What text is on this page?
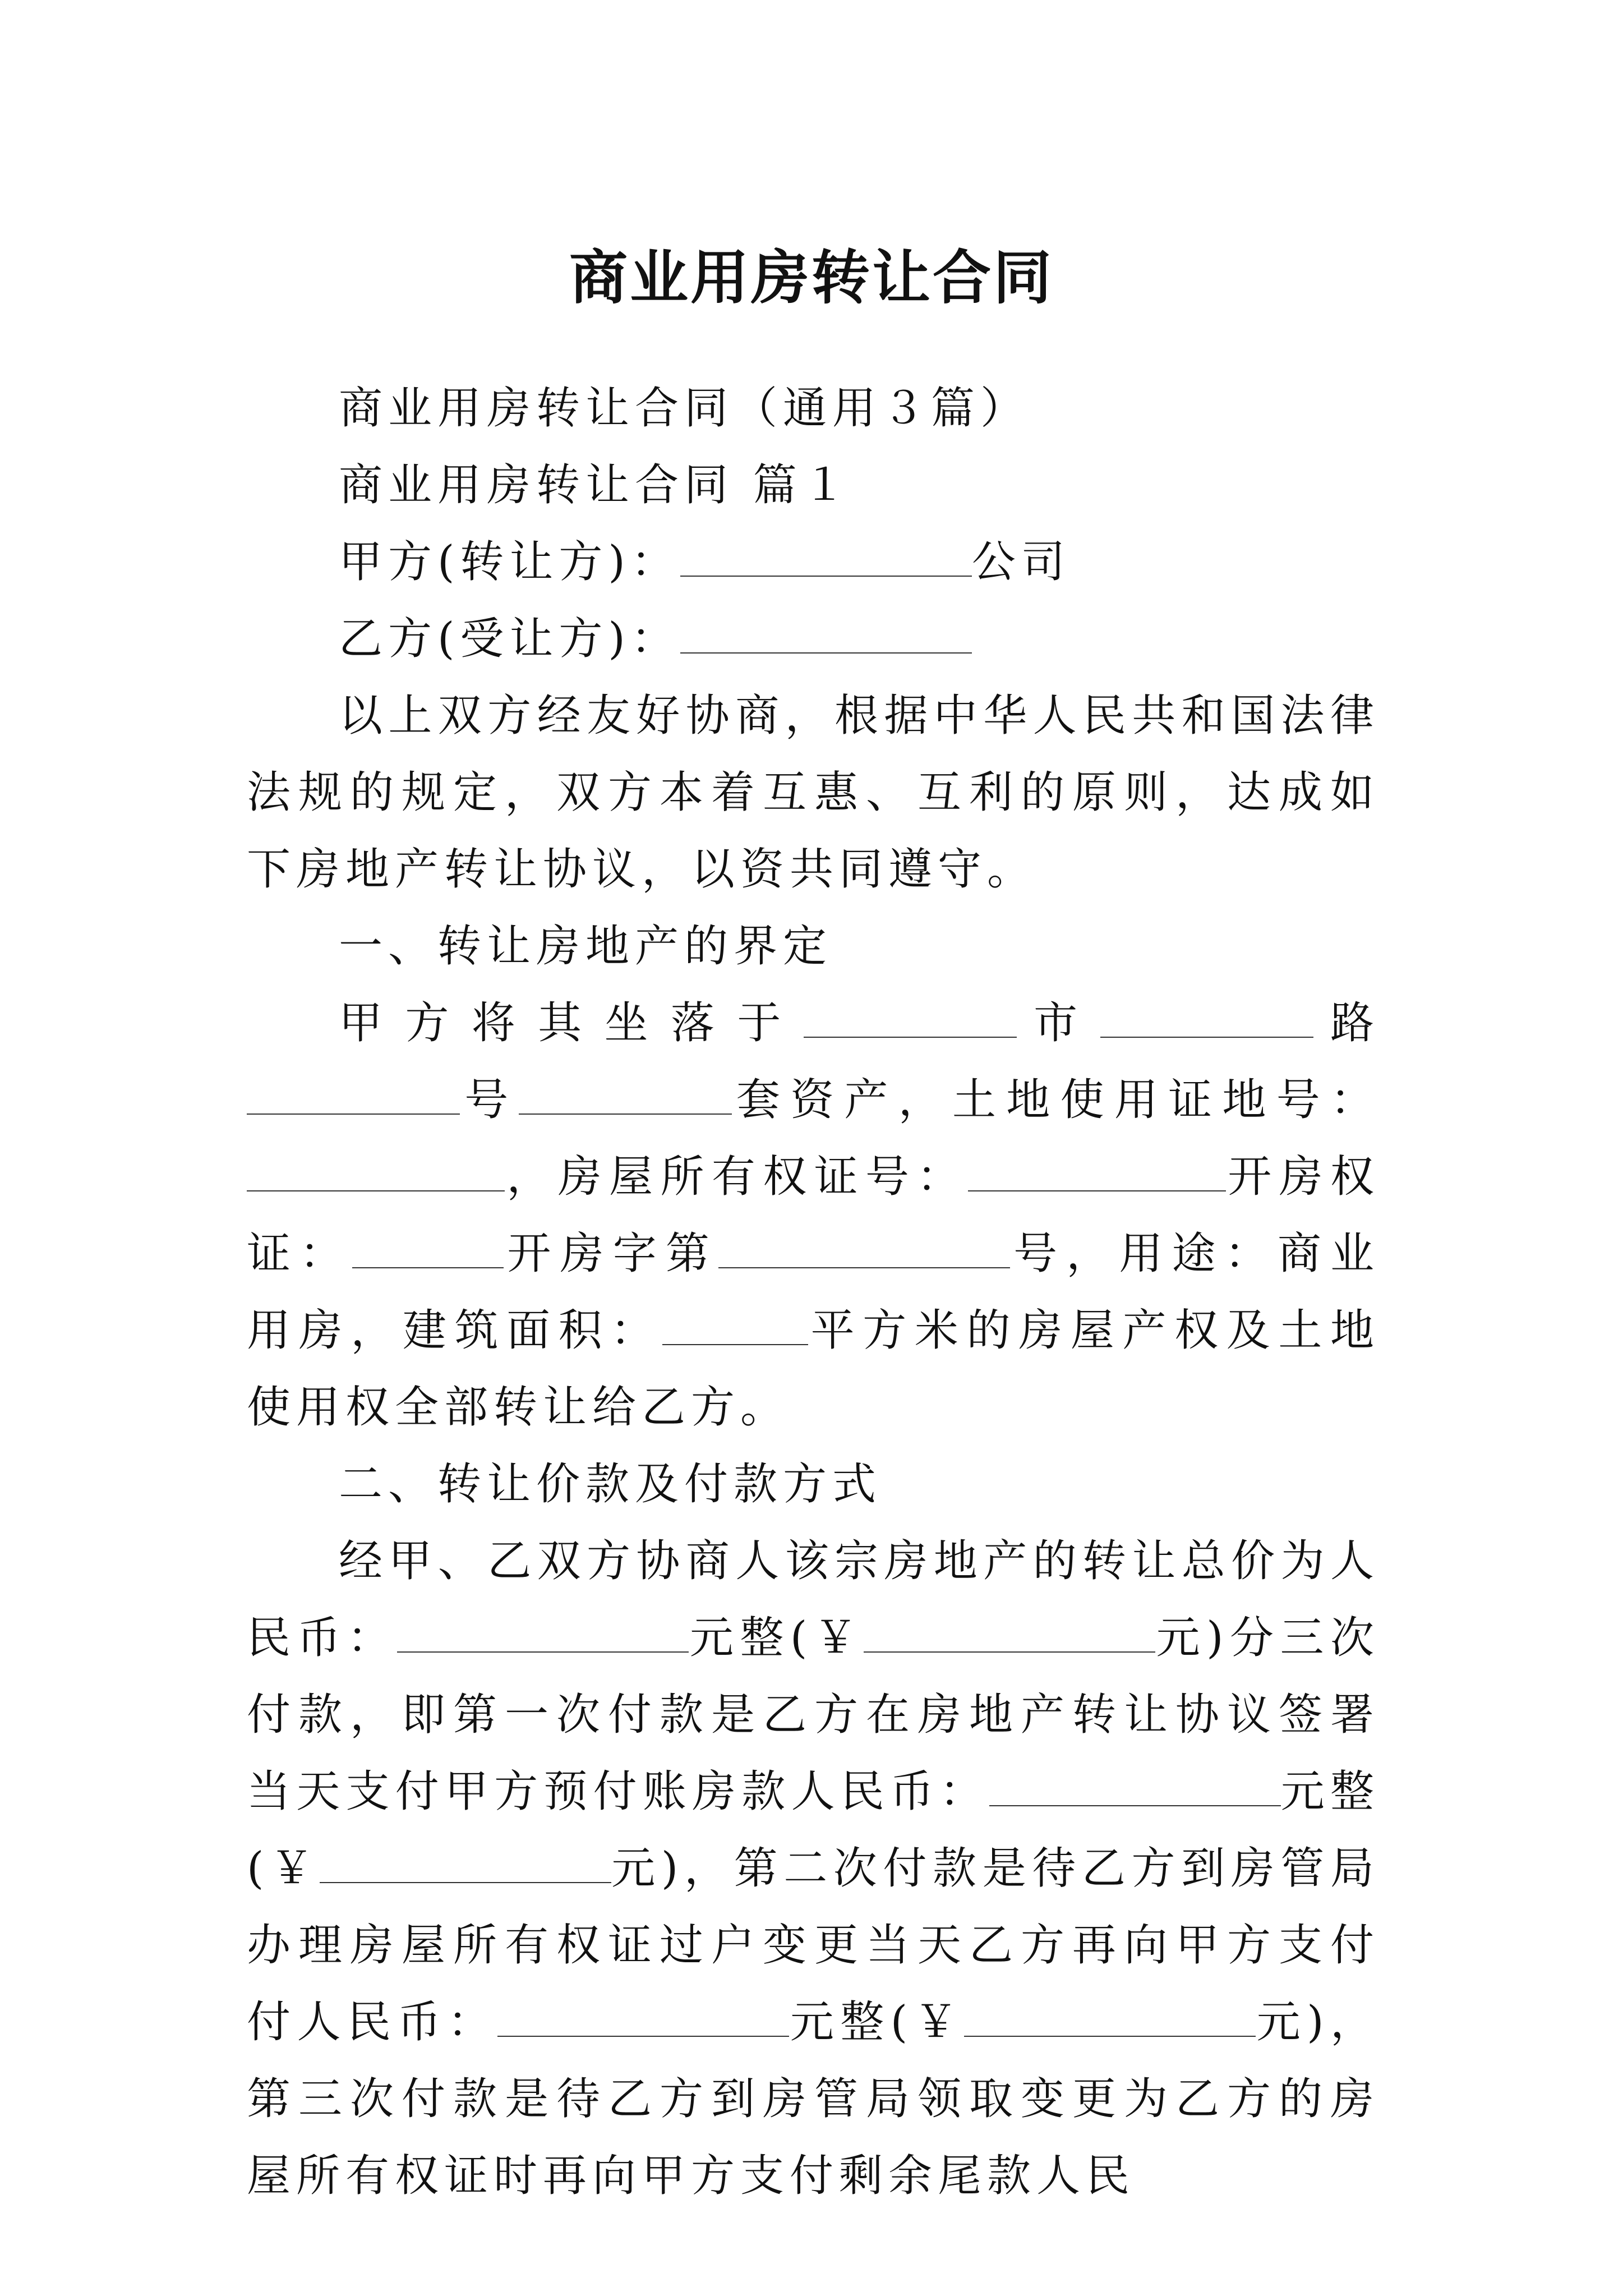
商业用房转让合同

商业用房转让合同（通用３篇）

商业用房转让合同 篇１

甲方(转让方)：	公司

乙方(受让方)：

以上双方经友好协商，根据中华人民共和国法律法规的规定，双方本着互惠、互利的原则，达成如下房地产转让协议，以资共同遵守。

一、转让房地产的界定

甲方将其坐落于	市	路号	套资产，土地使用证地号：，房屋所有权证号：	开房权证：	开房字第	号，用途：商业用房，建筑面积：	平方米的房屋产权及土地使用权全部转让给乙方。

二、转让价款及付款方式

经甲、乙双方协商人该宗房地产的转让总价为人民币：	元整(￥	元)分三次付款，即第一次付款是乙方在房地产转让协议签署当天支付甲方预付账房款人民币：	元整(￥	元)，第二次付款是待乙方到房管局办理房屋所有权证过户变更当天乙方再向甲方支付付人民币：	元整(￥	元)，第三次付款是待乙方到房管局领取变更为乙方的房屋所有权证时再向甲方支付剩余尾款人民
